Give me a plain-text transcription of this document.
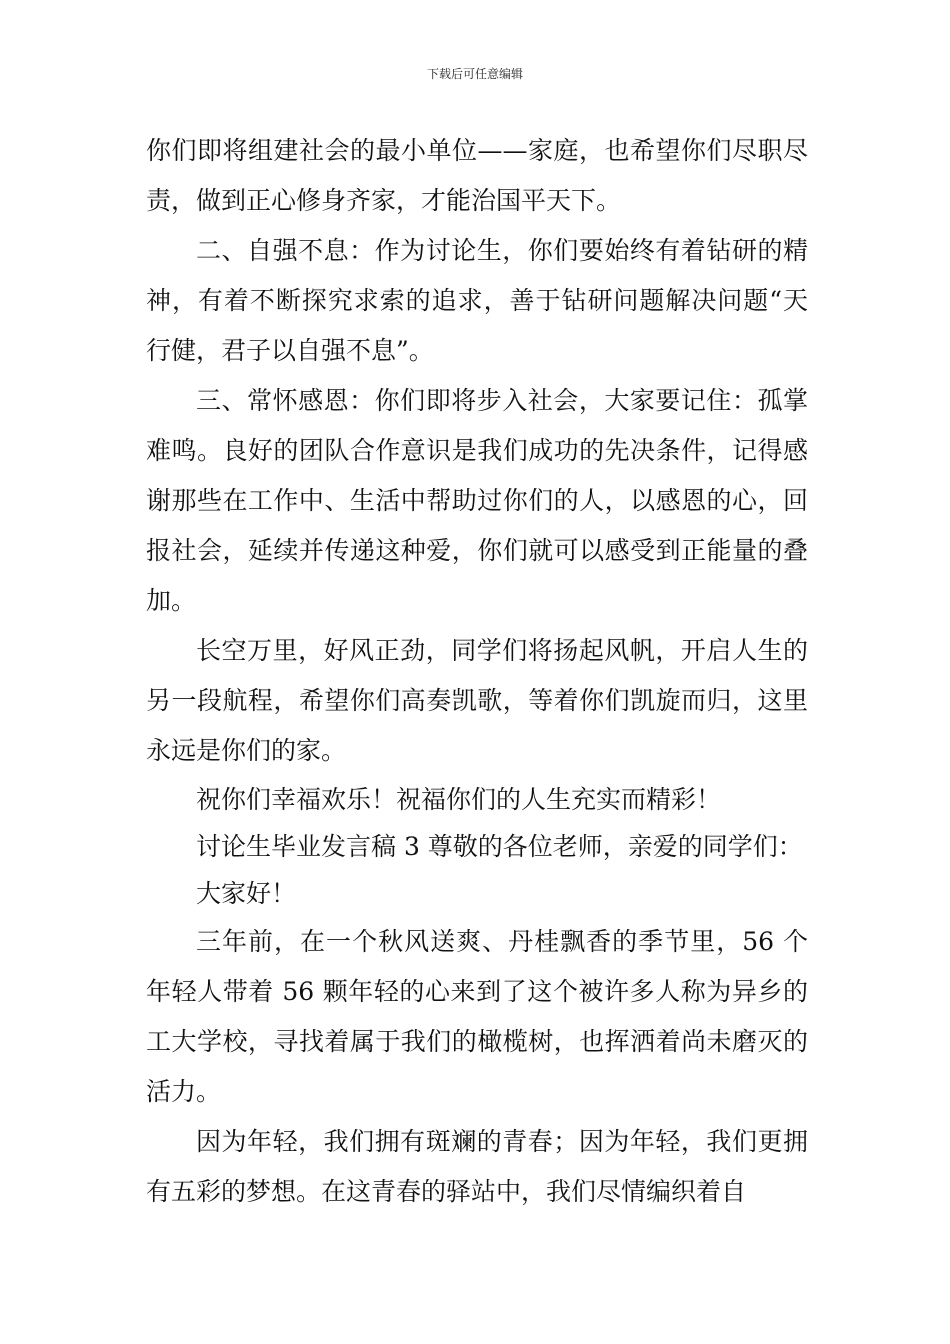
下载后可任意编辑

你们即将组建社会的最小单位——家庭，也希望你们尽职尽责，做到正心修身齐家，才能治国平天下。

二、自强不息：作为讨论生，你们要始终有着钻研的精神，有着不断探究求索的追求，善于钻研问题解决问题“天行健，君子以自强不息”。

三、常怀感恩：你们即将步入社会，大家要记住：孤掌难鸣。良好的团队合作意识是我们成功的先决条件，记得感谢那些在工作中、生活中帮助过你们的人，以感恩的心，回报社会，延续并传递这种爱，你们就可以感受到正能量的叠加。

长空万里，好风正劲，同学们将扬起风帆，开启人生的另一段航程，希望你们高奏凯歌，等着你们凯旋而归，这里永远是你们的家。

祝你们幸福欢乐！祝福你们的人生充实而精彩！

讨论生毕业发言稿 3 尊敬的各位老师，亲爱的同学们：

大家好！

三年前，在一个秋风送爽、丹桂飘香的季节里，56 个年轻人带着 56 颗年轻的心来到了这个被许多人称为异乡的工大学校，寻找着属于我们的橄榄树，也挥洒着尚未磨灭的活力。

因为年轻，我们拥有斑斓的青春；因为年轻，我们更拥有五彩的梦想。在这青春的驿站中，我们尽情编织着自
